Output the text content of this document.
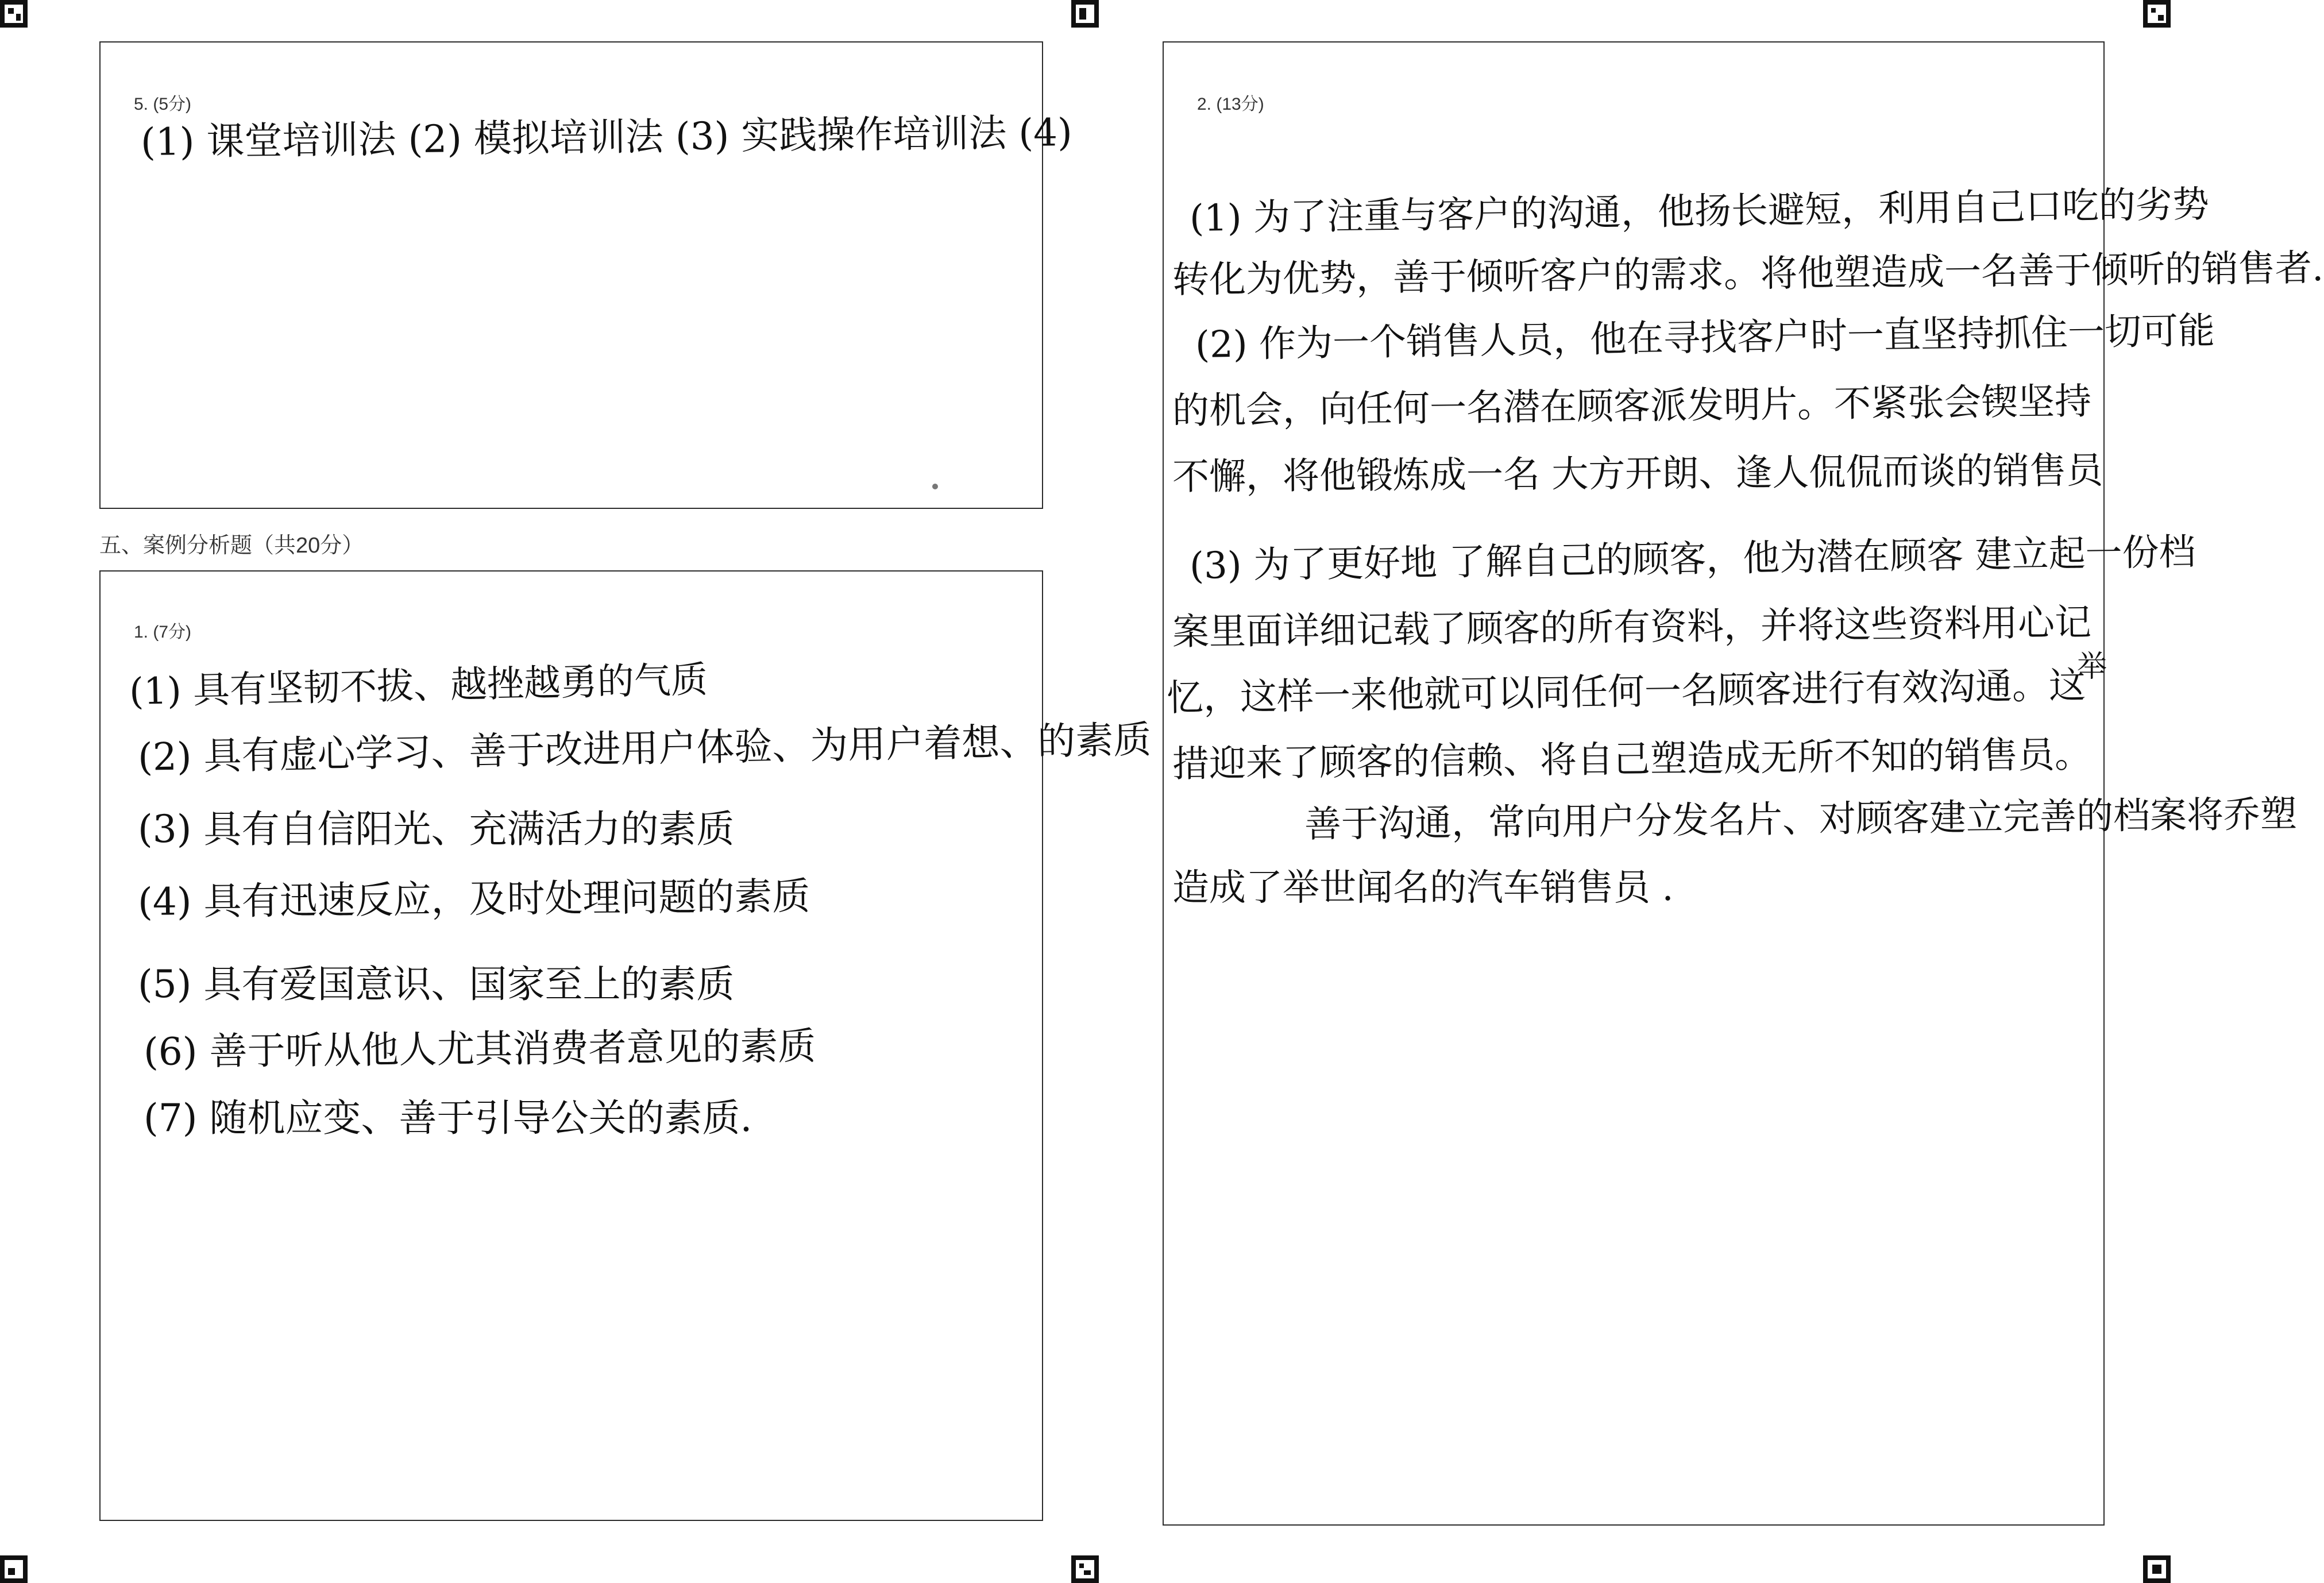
5. (5分)
(1) 课堂培训法 (2) 模拟培训法 (3) 实践操作培训法 (4)
五、案例分析题（共20分）
1. (7分)
(1) 具有坚韧不拔、越挫越勇的气质
(2) 具有虚心学习、善于改进用户体验、为用户着想、的素质
(3) 具有自信阳光、充满活力的素质
(4) 具有迅速反应，及时处理问题的素质
(5) 具有爱国意识、国家至上的素质
(6) 善于听从他人尤其消费者意见的素质
(7) 随机应变、善于引导公关的素质.
2. (13分)
(1) 为了注重与客户的沟通，他扬长避短，利用自己口吃的劣势
转化为优势，善于倾听客户的需求。将他塑造成一名善于倾听的销售者.
(2) 作为一个销售人员，他在寻找客户时一直坚持抓住一切可能
的机会，向任何一名潜在顾客派发明片。不紧张会锲坚持
不懈，将他锻炼成一名 大方开朗、逢人侃侃而谈的销售员
(3) 为了更好地 了解自己的顾客，他为潜在顾客 建立起一份档
案里面详细记载了顾客的所有资料，并将这些资料用心记
忆，这样一来他就可以同任何一名顾客进行有效沟通。这
措迎来了顾客的信赖、将自己塑造成无所不知的销售员。
善于沟通，常向用户分发名片、对顾客建立完善的档案将乔塑
造成了举世闻名的汽车销售员 .
举
